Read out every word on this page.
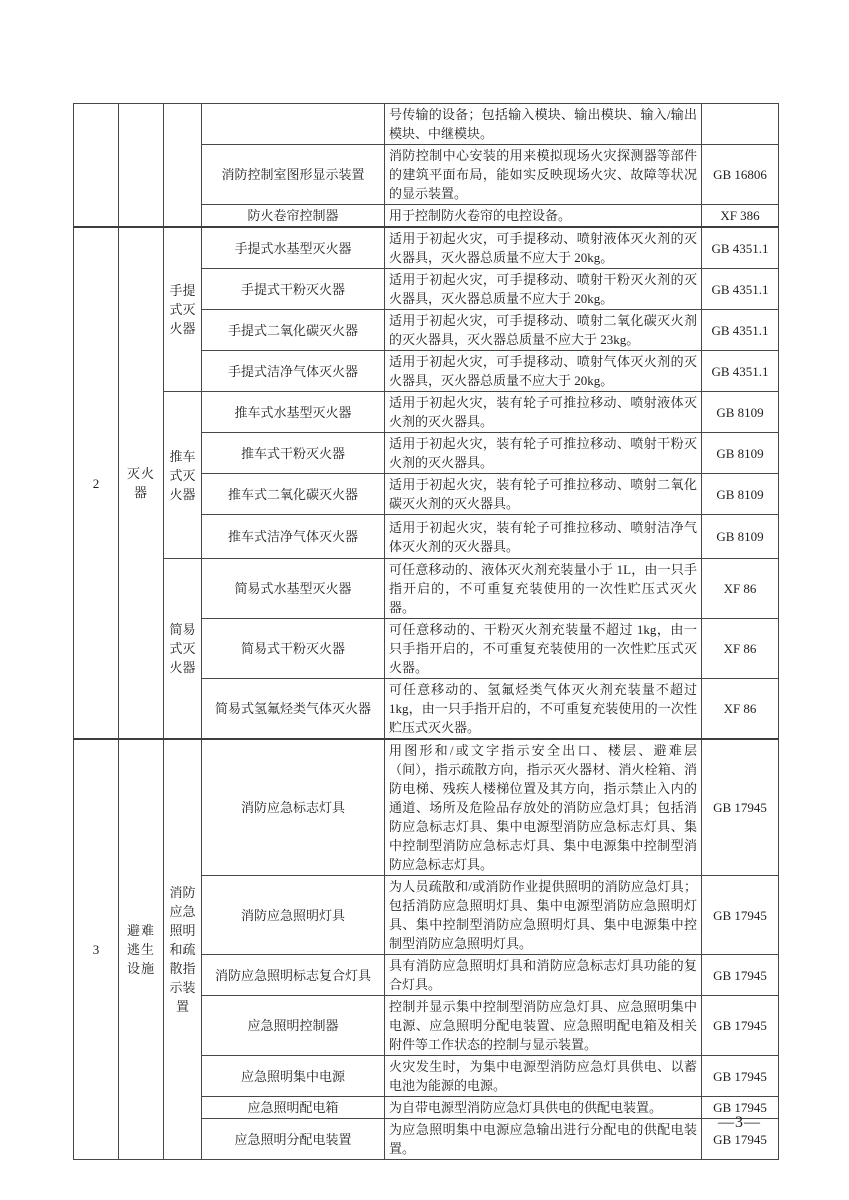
				号传输的设备；包括输入模块、输出模块、输入/输出模块、中继模块。	
			消防控制室图形显示装置	消防控制中心安装的用来模拟现场火灾探测器等部件的建筑平面布局，能如实反映现场火灾、故障等状况的显示装置。	GB 16806
			防火卷帘控制器	用于控制防火卷帘的电控设备。	XF 386
2	灭火器	手提式灭火器	手提式水基型灭火器	适用于初起火灾，可手提移动、喷射液体灭火剂的灭火器具，灭火器总质量不应大于 20kg。	GB 4351.1
			手提式干粉灭火器	适用于初起火灾，可手提移动、喷射干粉灭火剂的灭火器具，灭火器总质量不应大于 20kg。	GB 4351.1
			手提式二氧化碳灭火器	适用于初起火灾，可手提移动、喷射二氧化碳灭火剂的灭火器具，灭火器总质量不应大于 23kg。	GB 4351.1
			手提式洁净气体灭火器	适用于初起火灾，可手提移动、喷射气体灭火剂的灭火器具，灭火器总质量不应大于 20kg。	GB 4351.1
		推车式灭火器	推车式水基型灭火器	适用于初起火灾，装有轮子可推拉移动、喷射液体灭火剂的灭火器具。	GB 8109
			推车式干粉灭火器	适用于初起火灾，装有轮子可推拉移动、喷射干粉灭火剂的灭火器具。	GB 8109
			推车式二氧化碳灭火器	适用于初起火灾，装有轮子可推拉移动、喷射二氧化碳灭火剂的灭火器具。	GB 8109
			推车式洁净气体灭火器	适用于初起火灾，装有轮子可推拉移动、喷射洁净气体灭火剂的灭火器具。	GB 8109
		简易式灭火器	简易式水基型灭火器	可任意移动的、液体灭火剂充装量小于 1L，由一只手指开启的，不可重复充装使用的一次性贮压式灭火器。	XF 86
			简易式干粉灭火器	可任意移动的、干粉灭火剂充装量不超过 1kg，由一只手指开启的，不可重复充装使用的一次性贮压式灭火器。	XF 86
			简易式氢氟烃类气体灭火器	可任意移动的、氢氟烃类气体灭火剂充装量不超过 1kg，由一只手指开启的，不可重复充装使用的一次性贮压式灭火器。	XF 86
3	避难逃生设施	消防应急照明和疏散指示装置	消防应急标志灯具	用图形和/或文字指示安全出口、楼层、避难层（间），指示疏散方向，指示灭火器材、消火栓箱、消防电梯、残疾人楼梯位置及其方向，指示禁止入内的通道、场所及危险品存放处的消防应急灯具；包括消防应急标志灯具、集中电源型消防应急标志灯具、集中控制型消防应急标志灯具、集中电源集中控制型消防应急标志灯具。	GB 17945
			消防应急照明灯具	为人员疏散和/或消防作业提供照明的消防应急灯具；包括消防应急照明灯具、集中电源型消防应急照明灯具、集中控制型消防应急照明灯具、集中电源集中控制型消防应急照明灯具。	GB 17945
			消防应急照明标志复合灯具	具有消防应急照明灯具和消防应急标志灯具功能的复合灯具。	GB 17945
			应急照明控制器	控制并显示集中控制型消防应急灯具、应急照明集中电源、应急照明分配电装置、应急照明配电箱及相关附件等工作状态的控制与显示装置。	GB 17945
			应急照明集中电源	火灾发生时，为集中电源型消防应急灯具供电、以蓄电池为能源的电源。	GB 17945
			应急照明配电箱	为自带电源型消防应急灯具供电的供配电装置。	GB 17945
			应急照明分配电装置	为应急照明集中电源应急输出进行分配电的供配电装置。	GB 17945
—3—
